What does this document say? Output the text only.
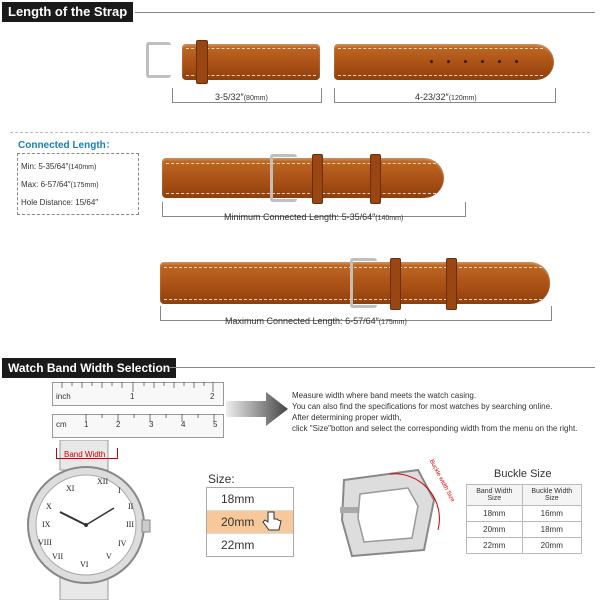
Length of the Strap
3-5/32″(80mm)	4-23/32″(120mm)
Connected Length：
Min: 5-35/64″(140mm)
Max: 6-57/64″(175mm)
Hole Distance: 15/64″
Minimum Connected Length: 5-35/64″(140mm)
Maximum Connected Length: 6-57/64″(175mm)
Watch Band Width Selection
inch	1	2
cm 1	2	3	4	5
Measure width where band meets the watch casing.
You can also find the specifications for most watches by searching online.
After determining proper width,
click "Size"botton and select the corresponding width from the menu on the right.
XII
I
II
III
IV
V
VI
VII
VIII
IX
X
XI
Band Width
Size:
18mm
20mm
22mm
Buckle width Size	Buckle Size
Band Width Size	Buckle Width Size
18mm	16mm
20mm	18mm
22mm	20mm
